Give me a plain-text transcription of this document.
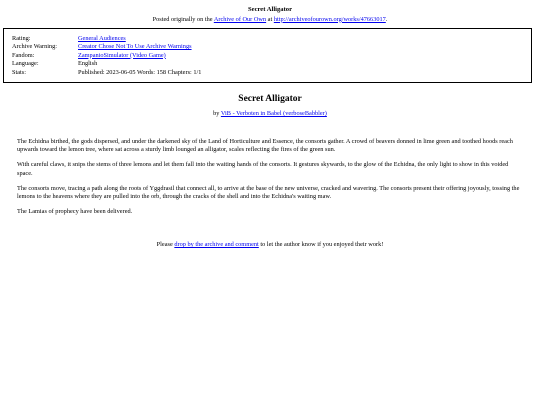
Secret Alligator
Posted originally on the Archive of Our Own at http://archiveofourown.org/works/47663017.
Rating:	General Audiences
Archive Warning:	Creator Chose Not To Use Archive Warnings
Fandom:	ZampanioSimulator (Video Game)
Language:	English
Stats:	Published: 2023-06-05 Words: 158 Chapters: 1/1
Secret Alligator
by ViB - Verboten in Babel (verboseBabbler)

The Echidna birthed, the gods dispersed, and under the darkened sky of the Land of Horticulture and Essence, the consorts gather. A crowd of beavers donned in lime green and toothed hoods reach upwards toward the lemon tree, where sat across a sturdy limb lounged an alligator, scales reflecting the fires of the green sun.

With careful claws, it snips the stems of three lemons and let them fall into the waiting hands of the consorts. It gestures skywards, to the glow of the Echidna, the only light to show in this voided space.

The consorts move, tracing a path along the roots of Yggdrasil that connect all, to arrive at the base of the new universe, cracked and wavering. The consorts present their offering joyously, tossing the lemons to the heavens where they are pulled into the orb, through the cracks of the shell and into the Echidna's waiting maw.

The Lamias of prophecy have been delivered.

Please drop by the archive and comment to let the author know if you enjoyed their work!
